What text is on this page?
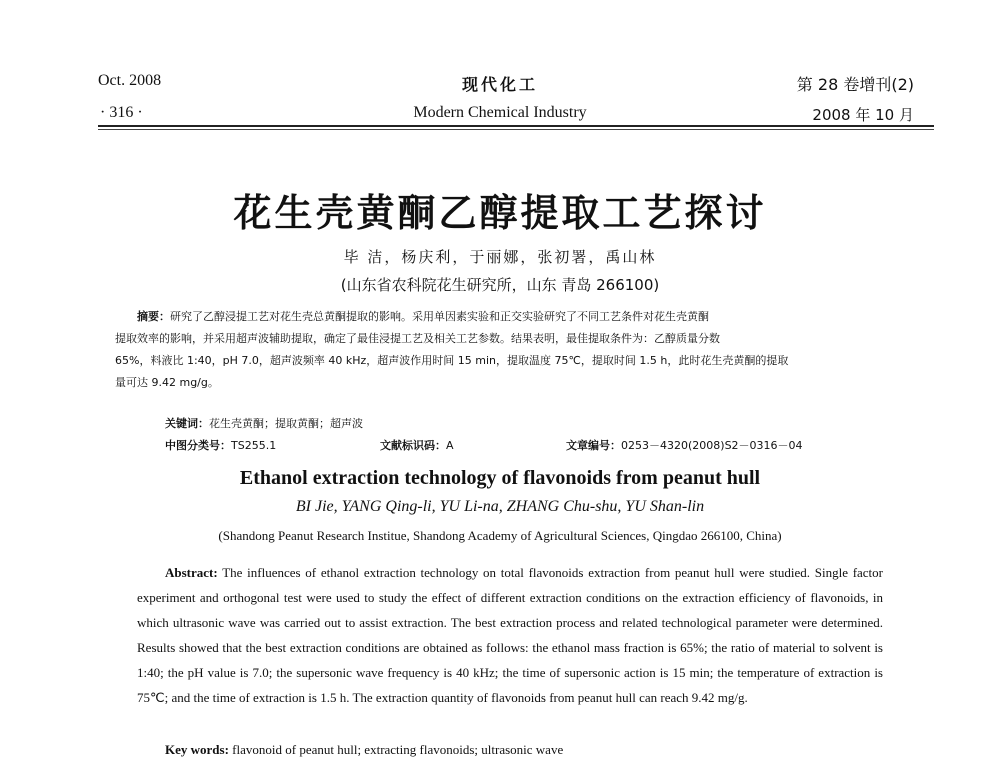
Oct. 2008
· 316 ·
现代化工
Modern Chemical Industry
第 28 卷增刊(2)
2008 年 10 月
花生壳黄酮乙醇提取工艺探讨
毕 洁，杨庆利，于丽娜，张初署，禹山林
(山东省农科院花生研究所，山东 青岛 266100)
摘要：研究了乙醇浸提工艺对花生壳总黄酮提取的影响。采用单因素实验和正交实验研究了不同工艺条件对花生壳黄酮
提取效率的影响，并采用超声波辅助提取，确定了最佳浸提工艺及相关工艺参数。结果表明，最佳提取条件为：乙醇质量分数
65%，料液比 1:40，pH 7.0，超声波频率 40 kHz，超声波作用时间 15 min，提取温度 75℃，提取时间 1.5 h，此时花生壳黄酮的提取
量可达 9.42 mg/g。
关键词：花生壳黄酮；提取黄酮；超声波
中图分类号：TS255.1	文献标识码：A	文章编号：0253－4320(2008)S2－0316－04
Ethanol extraction technology of flavonoids from peanut hull
BI Jie, YANG Qing-li, YU Li-na, ZHANG Chu-shu, YU Shan-lin
(Shandong Peanut Research Institue, Shandong Academy of Agricultural Sciences, Qingdao 266100, China)
Abstract: The influences of ethanol extraction technology on total flavonoids extraction from peanut hull were studied. Single factor experiment and orthogonal test were used to study the effect of different extraction conditions on the extraction efficiency of flavonoids, in which ultrasonic wave was carried out to assist extraction. The best extraction process and related technological parameter were determined. Results showed that the best extraction conditions are obtained as follows: the ethanol mass fraction is 65%; the ratio of material to solvent is 1:40; the pH value is 7.0; the supersonic wave frequency is 40 kHz; the time of supersonic action is 15 min; the temperature of extraction is 75℃; and the time of extraction is 1.5 h. The extraction quantity of flavonoids from peanut hull can reach 9.42 mg/g.
Key words: flavonoid of peanut hull; extracting flavonoids; ultrasonic wave
